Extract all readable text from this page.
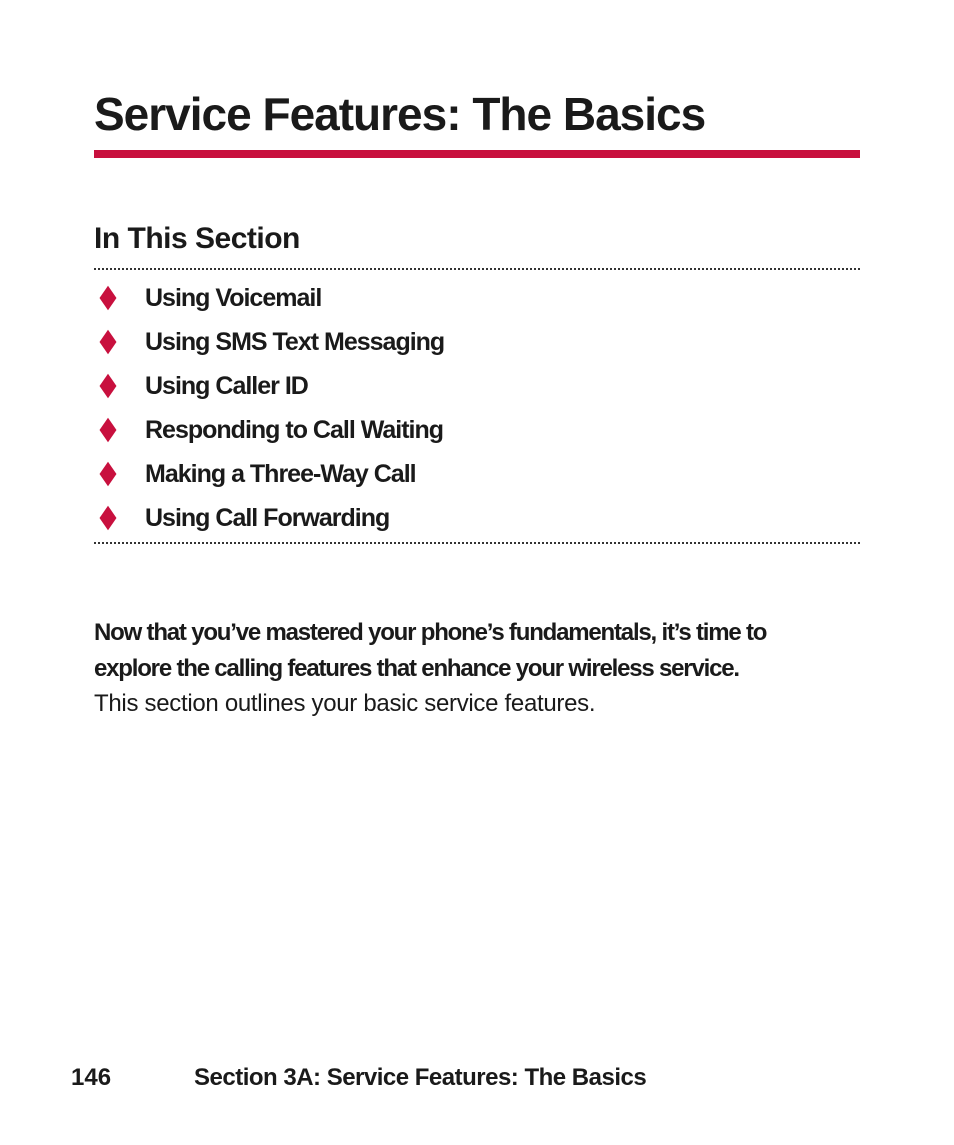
Service Features: The Basics
In This Section
Using Voicemail
Using SMS Text Messaging
Using Caller ID
Responding to Call Waiting
Making a Three-Way Call
Using Call Forwarding

Now that you’ve mastered your phone’s fundamentals, it’s time to explore the calling features that enhance your wireless service. This section outlines your basic service features.

146	Section 3A: Service Features: The Basics
